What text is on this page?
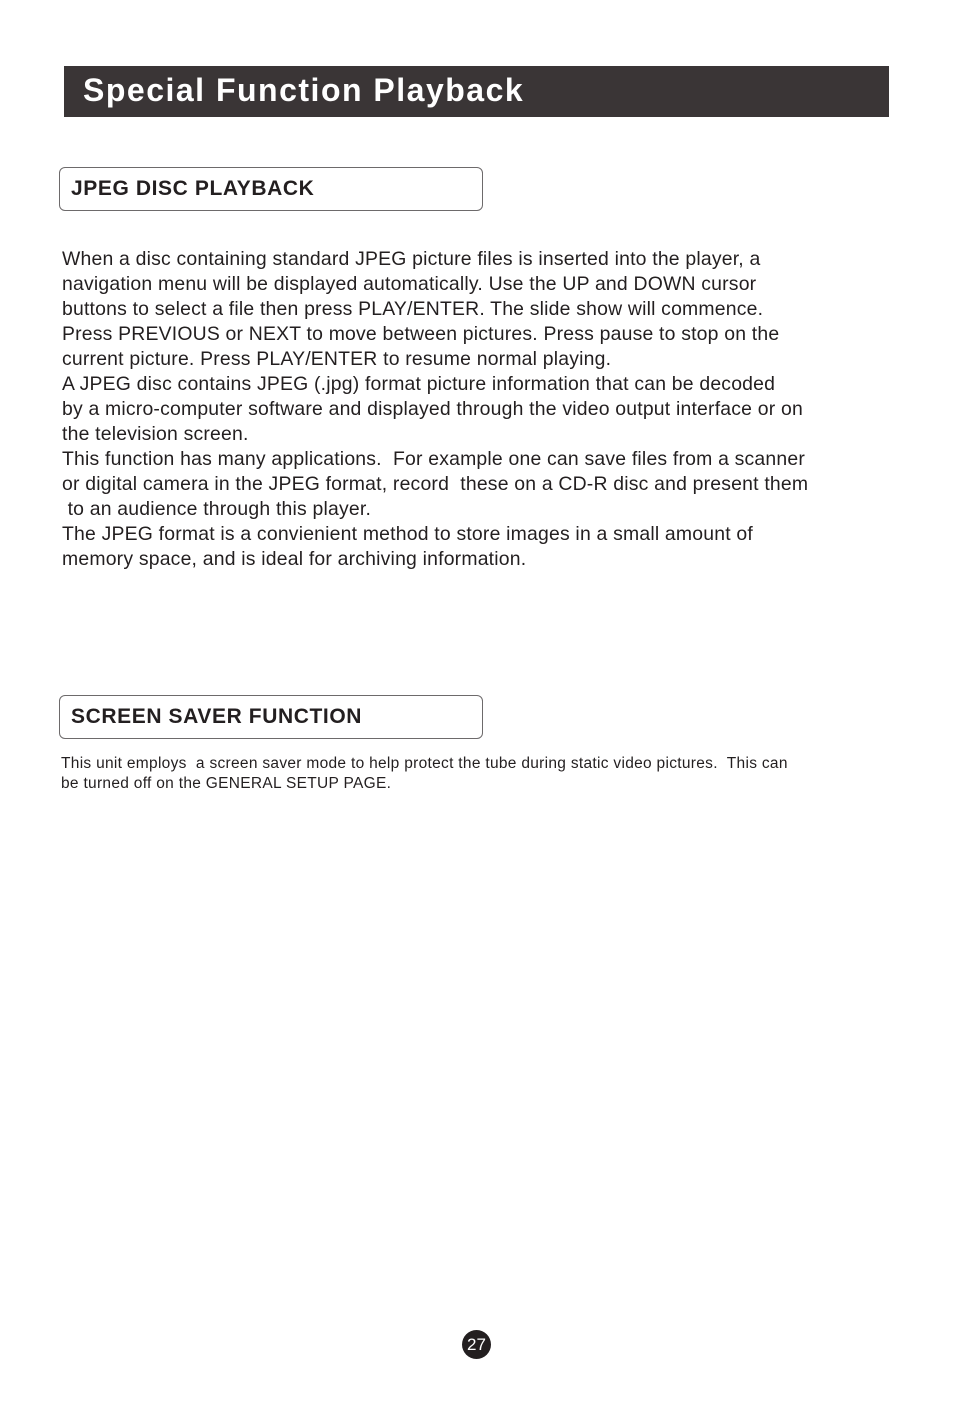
Special Function Playback
JPEG DISC PLAYBACK

When a disc containing standard JPEG picture files is inserted into the player, a

navigation menu will be displayed automatically. Use the UP and DOWN cursor

buttons to select a file then press PLAY/ENTER. The slide show will commence.

Press PREVIOUS or NEXT to move between pictures. Press pause to stop on the

current picture. Press PLAY/ENTER to resume normal playing.

A JPEG disc contains JPEG (.jpg) format picture information that can be decoded

by a micro-computer software and displayed through the video output interface or on

the television screen.

This function has many applications.  For example one can save files from a scanner

or digital camera in the JPEG format, record  these on a CD-R disc and present them

to an audience through this player.

The JPEG format is a convienient method to store images in a small amount of

memory space, and is ideal for archiving information.

SCREEN SAVER FUNCTION

This unit employs  a screen saver mode to help protect the tube during static video pictures.  This can

be turned off on the GENERAL SETUP PAGE.

27
